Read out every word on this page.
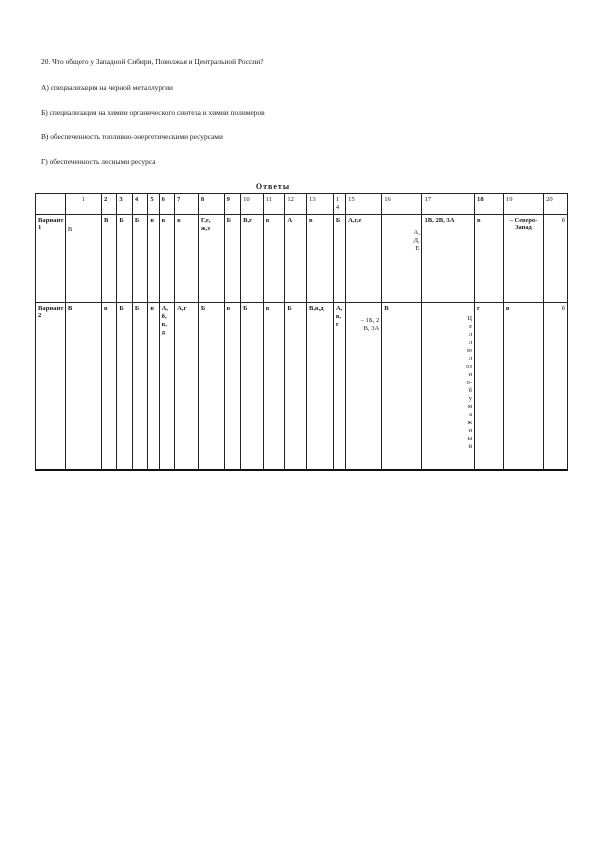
20. Что общего у Западной Сибири, Поволжья и Центральной России?
А) специализация на черной металлургии
Б) специализация на химии органического синтеза и химии полимеров
В) обеспеченность топливно-энергетическими ресурсами
Г) обеспеченность лесными ресурса
Ответы
	1	2	3	4	5	6	7	8	9	10	11	12	13	14	15	16	17	18	19	20
Вариант 1	В	В	Б	Б	в	в	в	Г,е,ж,з	Б	В,г	в	А	в	Б	А,г,е	А,Д,Е	1В, 2В, 3А	в	– Северо-Запад	б
Вариант 2	В	в	Б	Б	в	А,б,в,д	А,г	Б	в	Б	в	Б	В,в,д	А,в,г	– 1Б, 2В, 3А	В	Целлюлозно-бумажный	г	в	б
